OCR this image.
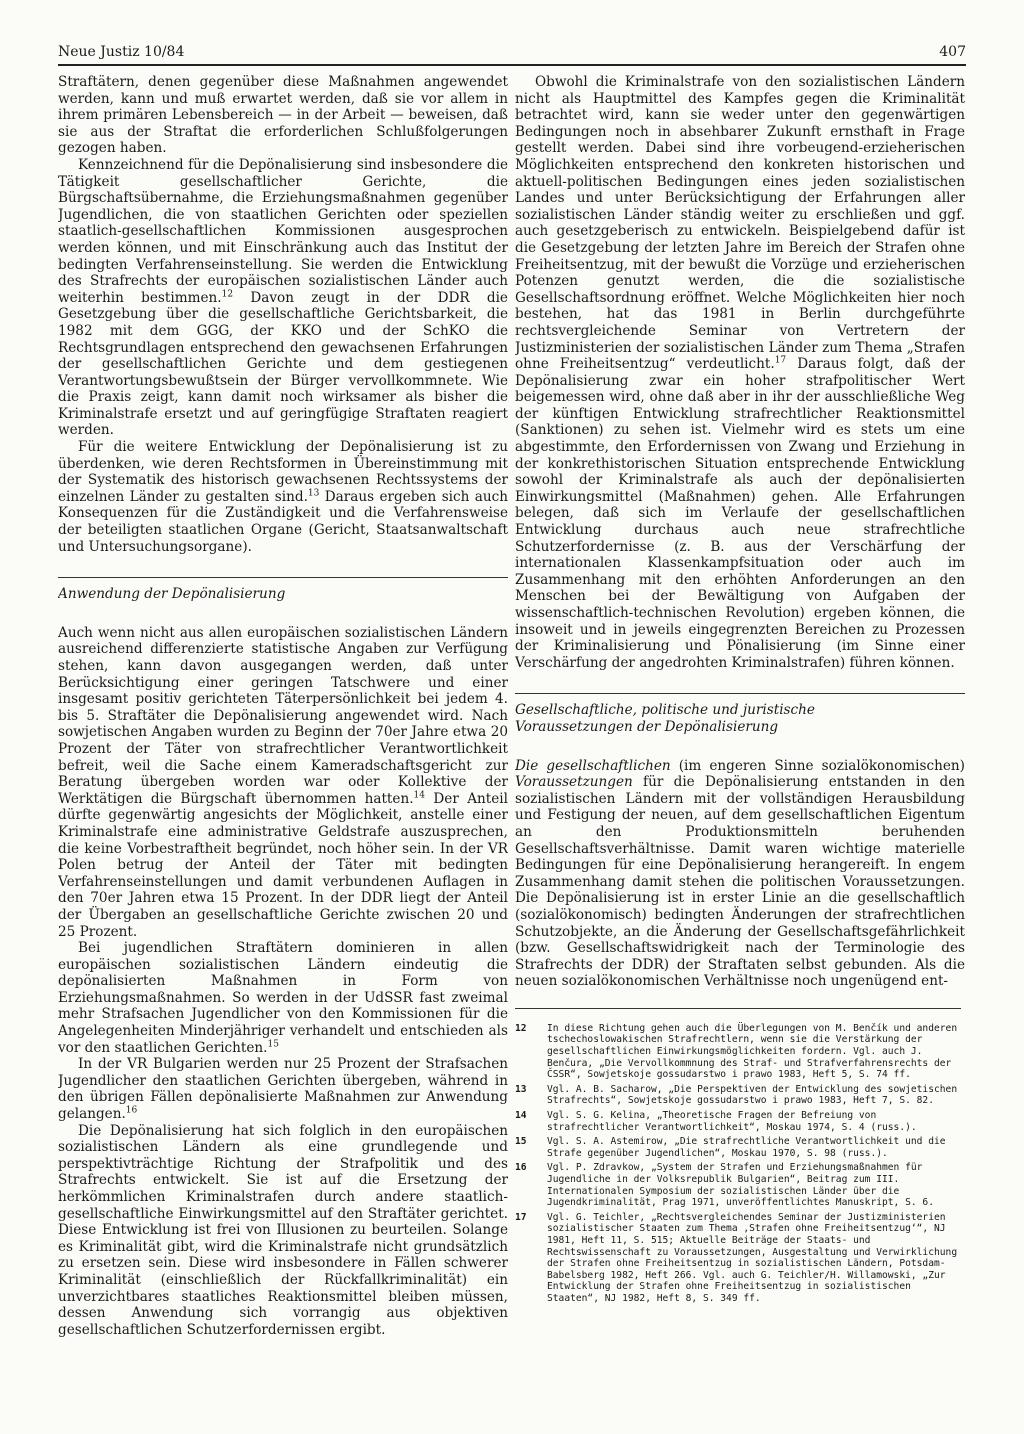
Neue Justiz 10/84	407

Straftätern, denen gegenüber diese Maßnahmen angewendet werden, kann und muß erwartet werden, daß sie vor allem in ihrem primären Lebensbereich — in der Arbeit — beweisen, daß sie aus der Straftat die erforderlichen Schlußfolgerungen gezogen haben.

Kennzeichnend für die Depönalisierung sind insbesondere die Tätigkeit gesellschaftlicher Gerichte, die Bürgschaftsübernahme, die Erziehungsmaßnahmen gegenüber Jugendlichen, die von staatlichen Gerichten oder speziellen staatlich-gesellschaftlichen Kommissionen ausgesprochen werden können, und mit Einschränkung auch das Institut der bedingten Verfahrenseinstellung. Sie werden die Entwicklung des Strafrechts der europäischen sozialistischen Länder auch weiterhin bestimmen.$^{12}$ Davon zeugt in der DDR die Gesetzgebung über die gesellschaftliche Gerichtsbarkeit, die 1982 mit dem GGG, der KKO und der SchKO die Rechtsgrundlagen entsprechend den gewachsenen Erfahrungen der gesellschaftlichen Gerichte und dem gestiegenen Verantwortungsbewußtsein der Bürger vervollkommnete. Wie die Praxis zeigt, kann damit noch wirksamer als bisher die Kriminalstrafe ersetzt und auf geringfügige Straftaten reagiert werden.

Für die weitere Entwicklung der Depönalisierung ist zu überdenken, wie deren Rechtsformen in Übereinstimmung mit der Systematik des historisch gewachsenen Rechtssystems der einzelnen Länder zu gestalten sind.$^{13}$ Daraus ergeben sich auch Konsequenzen für die Zuständigkeit und die Verfahrensweise der beteiligten staatlichen Organe (Gericht, Staatsanwaltschaft und Untersuchungsorgane).

Anwendung der Depönalisierung

Auch wenn nicht aus allen europäischen sozialistischen Ländern ausreichend differenzierte statistische Angaben zur Verfügung stehen, kann davon ausgegangen werden, daß unter Berücksichtigung einer geringen Tatschwere und einer insgesamt positiv gerichteten Täterpersönlichkeit bei jedem 4. bis 5. Straftäter die Depönalisierung angewendet wird. Nach sowjetischen Angaben wurden zu Beginn der 70er Jahre etwa 20 Prozent der Täter von strafrechtlicher Verantwortlichkeit befreit, weil die Sache einem Kameradschaftsgericht zur Beratung übergeben worden war oder Kollektive der Werktätigen die Bürgschaft übernommen hatten.$^{14}$ Der Anteil dürfte gegenwärtig angesichts der Möglichkeit, anstelle einer Kriminalstrafe eine administrative Geldstrafe auszusprechen, die keine Vorbestraftheit begründet, noch höher sein. In der VR Polen betrug der Anteil der Täter mit bedingten Verfahrenseinstellungen und damit verbundenen Auflagen in den 70er Jahren etwa 15 Prozent. In der DDR liegt der Anteil der Übergaben an gesellschaftliche Gerichte zwischen 20 und 25 Prozent.

Bei jugendlichen Straftätern dominieren in allen europäischen sozialistischen Ländern eindeutig die depönalisierten Maßnahmen in Form von Erziehungsmaßnahmen. So werden in der UdSSR fast zweimal mehr Strafsachen Jugendlicher von den Kommissionen für die Angelegenheiten Minderjähriger verhandelt und entschieden als vor den staatlichen Gerichten.$^{15}$

In der VR Bulgarien werden nur 25 Prozent der Strafsachen Jugendlicher den staatlichen Gerichten übergeben, während in den übrigen Fällen depönalisierte Maßnahmen zur Anwendung gelangen.$^{16}$

Die Depönalisierung hat sich folglich in den europäischen sozialistischen Ländern als eine grundlegende und perspektivträchtige Richtung der Strafpolitik und des Strafrechts entwickelt. Sie ist auf die Ersetzung der herkömmlichen Kriminalstrafen durch andere staatlich-gesellschaftliche Einwirkungsmittel auf den Straftäter gerichtet. Diese Entwicklung ist frei von Illusionen zu beurteilen. Solange es Kriminalität gibt, wird die Kriminalstrafe nicht grundsätzlich zu ersetzen sein. Diese wird insbesondere in Fällen schwerer Kriminalität (einschließlich der Rückfallkriminalität) ein unverzichtbares staatliches Reaktionsmittel bleiben müssen, dessen Anwendung sich vorrangig aus objektiven gesellschaftlichen Schutzerfordernissen ergibt.

Obwohl die Kriminalstrafe von den sozialistischen Ländern nicht als Hauptmittel des Kampfes gegen die Kriminalität betrachtet wird, kann sie weder unter den gegenwärtigen Bedingungen noch in absehbarer Zukunft ernsthaft in Frage gestellt werden. Dabei sind ihre vorbeugend-erzieherischen Möglichkeiten entsprechend den konkreten historischen und aktuell-politischen Bedingungen eines jeden sozialistischen Landes und unter Berücksichtigung der Erfahrungen aller sozialistischen Länder ständig weiter zu erschließen und ggf. auch gesetzgeberisch zu entwickeln. Beispielgebend dafür ist die Gesetzgebung der letzten Jahre im Bereich der Strafen ohne Freiheitsentzug, mit der bewußt die Vorzüge und erzieherischen Potenzen genutzt werden, die die sozialistische Gesellschaftsordnung eröffnet. Welche Möglichkeiten hier noch bestehen, hat das 1981 in Berlin durchgeführte rechtsvergleichende Seminar von Vertretern der Justizministerien der sozialistischen Länder zum Thema „Strafen ohne Freiheitsentzug“ verdeutlicht.$^{17}$ Daraus folgt, daß der Depönalisierung zwar ein hoher strafpolitischer Wert beigemessen wird, ohne daß aber in ihr der ausschließliche Weg der künftigen Entwicklung strafrechtlicher Reaktionsmittel (Sanktionen) zu sehen ist. Vielmehr wird es stets um eine abgestimmte, den Erfordernissen von Zwang und Erziehung in der konkrethistorischen Situation entsprechende Entwicklung sowohl der Kriminalstrafe als auch der depönalisierten Einwirkungsmittel (Maßnahmen) gehen. Alle Erfahrungen belegen, daß sich im Verlaufe der gesellschaftlichen Entwicklung durchaus auch neue strafrechtliche Schutzerfordernisse (z. B. aus der Verschärfung der internationalen Klassenkampfsituation oder auch im Zusammenhang mit den erhöhten Anforderungen an den Menschen bei der Bewältigung von Aufgaben der wissenschaftlich-technischen Revolution) ergeben können, die insoweit und in jeweils eingegrenzten Bereichen zu Prozessen der Kriminalisierung und Pönalisierung (im Sinne einer Verschärfung der angedrohten Kriminalstrafen) führen können.

Gesellschaftliche, politische und juristische
Voraussetzungen der Depönalisierung

Die gesellschaftlichen (im engeren Sinne sozialökonomischen) Voraussetzungen für die Depönalisierung entstanden in den sozialistischen Ländern mit der vollständigen Herausbildung und Festigung der neuen, auf dem gesellschaftlichen Eigentum an den Produktionsmitteln beruhenden Gesellschaftsverhältnisse. Damit waren wichtige materielle Bedingungen für eine Depönalisierung herangereift. In engem Zusammenhang damit stehen die politischen Voraussetzungen. Die Depönalisierung ist in erster Linie an die gesellschaftlich (sozialökonomisch) bedingten Änderungen der strafrechtlichen Schutzobjekte, an die Änderung der Gesellschaftsgefährlichkeit (bzw. Gesellschaftswidrigkeit nach der Terminologie des Strafrechts der DDR) der Straftaten selbst gebunden. Als die neuen sozialökonomischen Verhältnisse noch ungenügend ent-

12	In diese Richtung gehen auch die Überlegungen von M. Benčík und anderen tschechoslowakischen Strafrechtlern, wenn sie die Verstärkung der gesellschaftlichen Einwirkungsmöglichkeiten fordern. Vgl. auch J. Benčura, „Die Vervollkommnung des Straf- und Strafverfahrensrechts der ČSSR“, Sowjetskoje gossudarstwo i prawo 1983, Heft 5, S. 74 ff.
13	Vgl. A. B. Sacharow, „Die Perspektiven der Entwicklung des sowjetischen Strafrechts“, Sowjetskoje gossudarstwo i prawo 1983, Heft 7, S. 82.
14	Vgl. S. G. Kelina, „Theoretische Fragen der Befreiung von strafrechtlicher Verantwortlichkeit“, Moskau 1974, S. 4 (russ.).
15	Vgl. S. A. Astemirow, „Die strafrechtliche Verantwortlichkeit und die Strafe gegenüber Jugendlichen“, Moskau 1970, S. 98 (russ.).
16	Vgl. P. Zdravkow, „System der Strafen und Erziehungsmaßnahmen für Jugendliche in der Volksrepublik Bulgarien“, Beitrag zum III. Internationalen Symposium der sozialistischen Länder über die Jugendkriminalität, Prag 1971, unveröffentlichtes Manuskript, S. 6.
17	Vgl. G. Teichler, „Rechtsvergleichendes Seminar der Justizministerien sozialistischer Staaten zum Thema ‚Strafen ohne Freiheitsentzug‘“, NJ 1981, Heft 11, S. 515; Aktuelle Beiträge der Staats- und Rechtswissenschaft zu Voraussetzungen, Ausgestaltung und Verwirklichung der Strafen ohne Freiheitsentzug in sozialistischen Ländern, Potsdam-Babelsberg 1982, Heft 266. Vgl. auch G. Teichler/H. Willamowski, „Zur Entwicklung der Strafen ohne Freiheitsentzug in sozialistischen Staaten“, NJ 1982, Heft 8, S. 349 ff.
